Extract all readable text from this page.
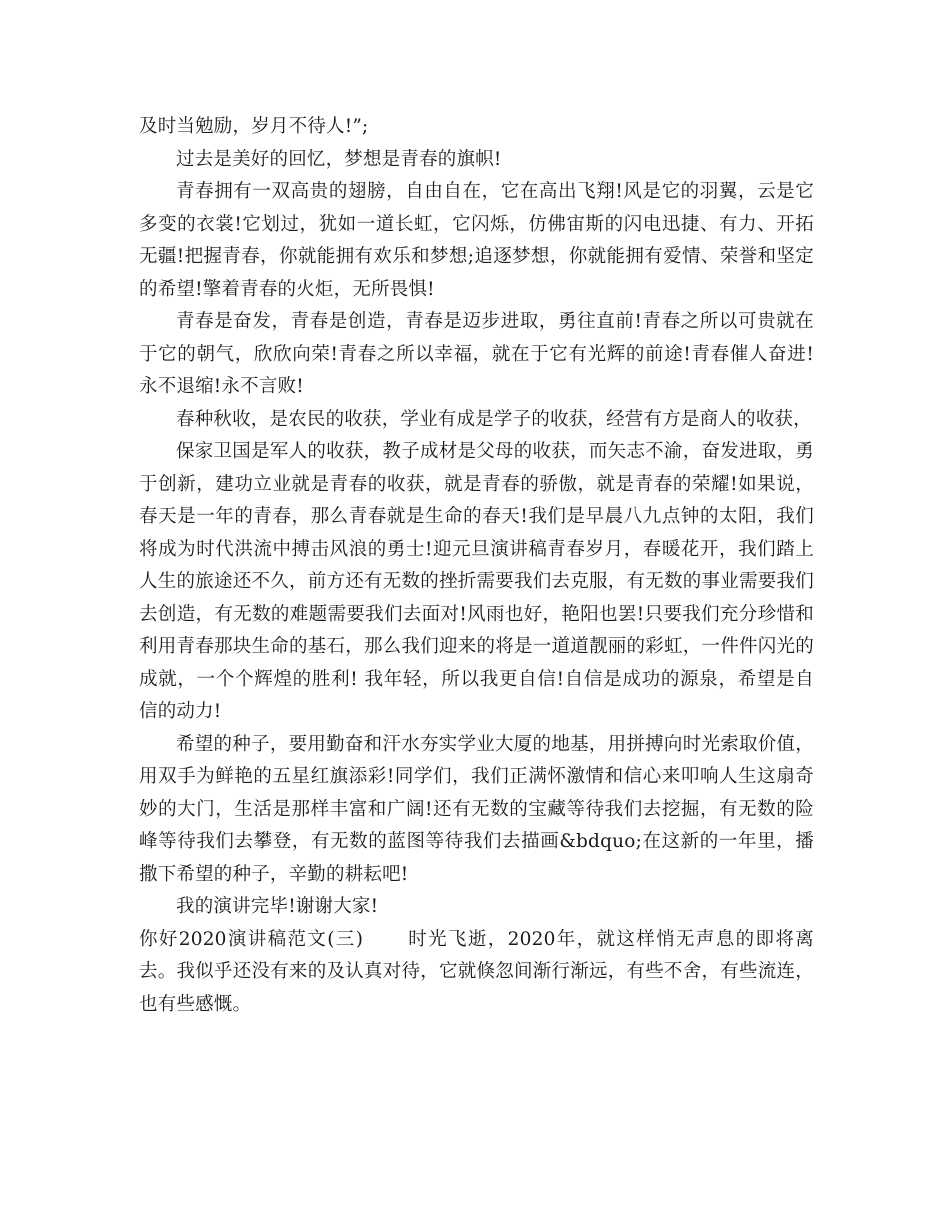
及时当勉励，岁月不待人!”;

过去是美好的回忆，梦想是青春的旗帜!

青春拥有一双高贵的翅膀，自由自在，它在高出飞翔!风是它的羽翼，云是它多变的衣裳!它划过，犹如一道长虹，它闪烁，仿佛宙斯的闪电迅捷、有力、开拓无疆!把握青春，你就能拥有欢乐和梦想;追逐梦想，你就能拥有爱情、荣誉和坚定的希望!擎着青春的火炬，无所畏惧!

青春是奋发，青春是创造，青春是迈步进取，勇往直前!青春之所以可贵就在于它的朝气，欣欣向荣!青春之所以幸福，就在于它有光辉的前途!青春催人奋进!永不退缩!永不言败!

春种秋收，是农民的收获，学业有成是学子的收获，经营有方是商人的收获，

保家卫国是军人的收获，教子成材是父母的收获，而矢志不渝，奋发进取，勇于创新，建功立业就是青春的收获，就是青春的骄傲，就是青春的荣耀!如果说，春天是一年的青春，那么青春就是生命的春天!我们是早晨八九点钟的太阳，我们将成为时代洪流中搏击风浪的勇士!迎元旦演讲稿青春岁月，春暖花开，我们踏上人生的旅途还不久，前方还有无数的挫折需要我们去克服，有无数的事业需要我们去创造，有无数的难题需要我们去面对!风雨也好，艳阳也罢!只要我们充分珍惜和利用青春那块生命的基石，那么我们迎来的将是一道道靓丽的彩虹，一件件闪光的成就，一个个辉煌的胜利! 我年轻，所以我更自信!自信是成功的源泉，希望是自信的动力!

希望的种子，要用勤奋和汗水夯实学业大厦的地基，用拼搏向时光索取价值，用双手为鲜艳的五星红旗添彩!同学们，我们正满怀激情和信心来叩响人生这扇奇妙的大门，生活是那样丰富和广阔!还有无数的宝藏等待我们去挖掘，有无数的险峰等待我们去攀登，有无数的蓝图等待我们去描画&bdquo;在这新的一年里，播撒下希望的种子，辛勤的耕耘吧!

我的演讲完毕!谢谢大家!

你好2020演讲稿范文(三) 时光飞逝，2020年，就这样悄无声息的即将离去。我似乎还没有来的及认真对待，它就倏忽间渐行渐远，有些不舍，有些流连，也有些感慨。
